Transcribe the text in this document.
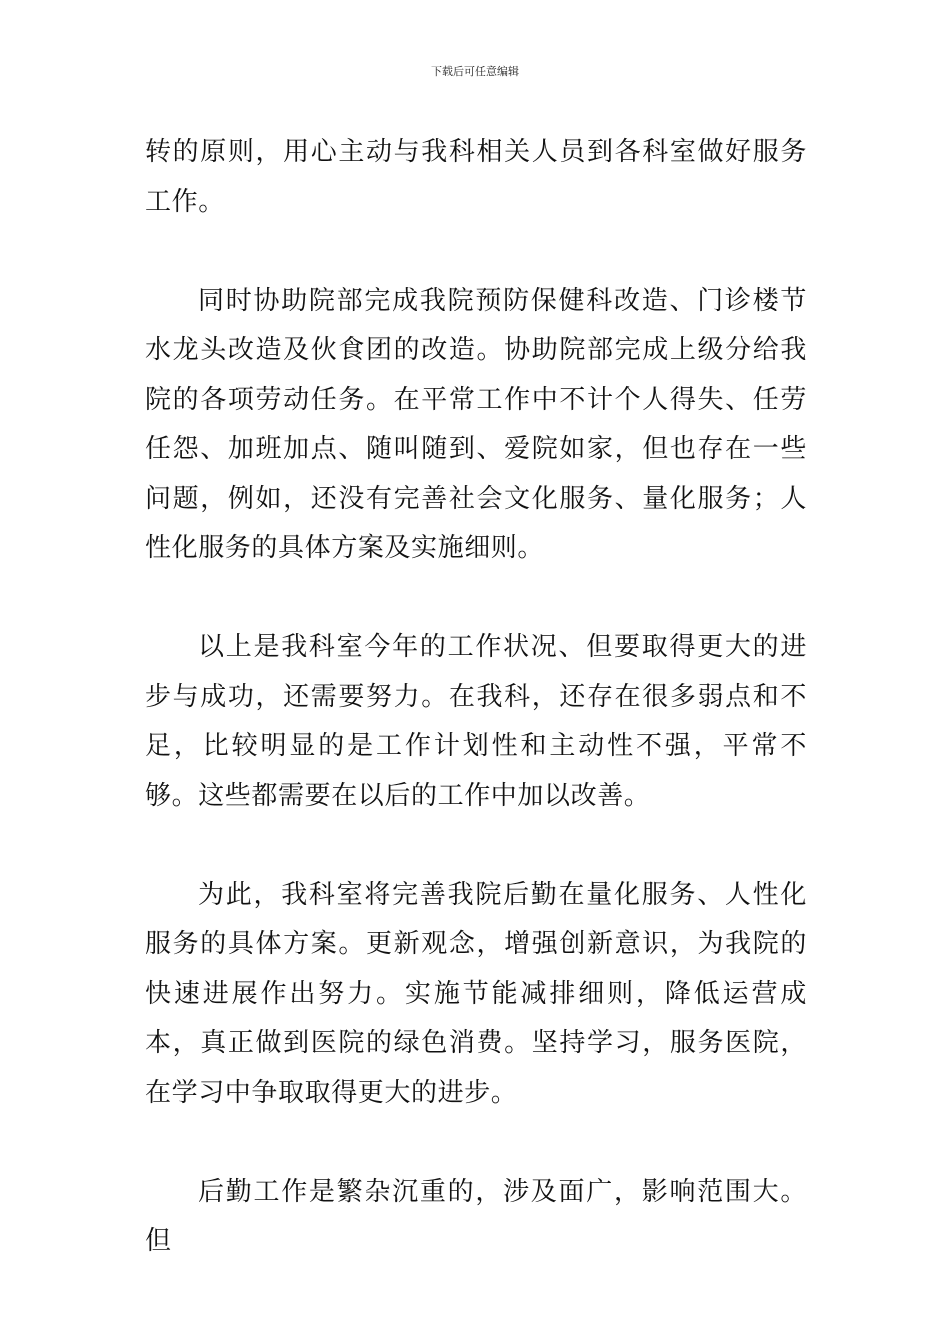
下载后可任意编辑

转的原则，用心主动与我科相关人员到各科室做好服务工作。

同时协助院部完成我院预防保健科改造、门诊楼节水龙头改造及伙食团的改造。协助院部完成上级分给我院的各项劳动任务。在平常工作中不计个人得失、任劳任怨、加班加点、随叫随到、爱院如家，但也存在一些问题，例如，还没有完善社会文化服务、量化服务；人性化服务的具体方案及实施细则。

以上是我科室今年的工作状况、但要取得更大的进步与成功，还需要努力。在我科，还存在很多弱点和不足，比较明显的是工作计划性和主动性不强，平常不够。这些都需要在以后的工作中加以改善。

为此，我科室将完善我院后勤在量化服务、人性化服务的具体方案。更新观念，增强创新意识，为我院的快速进展作出努力。实施节能减排细则，降低运营成本，真正做到医院的绿色消费。坚持学习，服务医院，在学习中争取取得更大的进步。

后勤工作是繁杂沉重的，涉及面广，影响范围大。但
